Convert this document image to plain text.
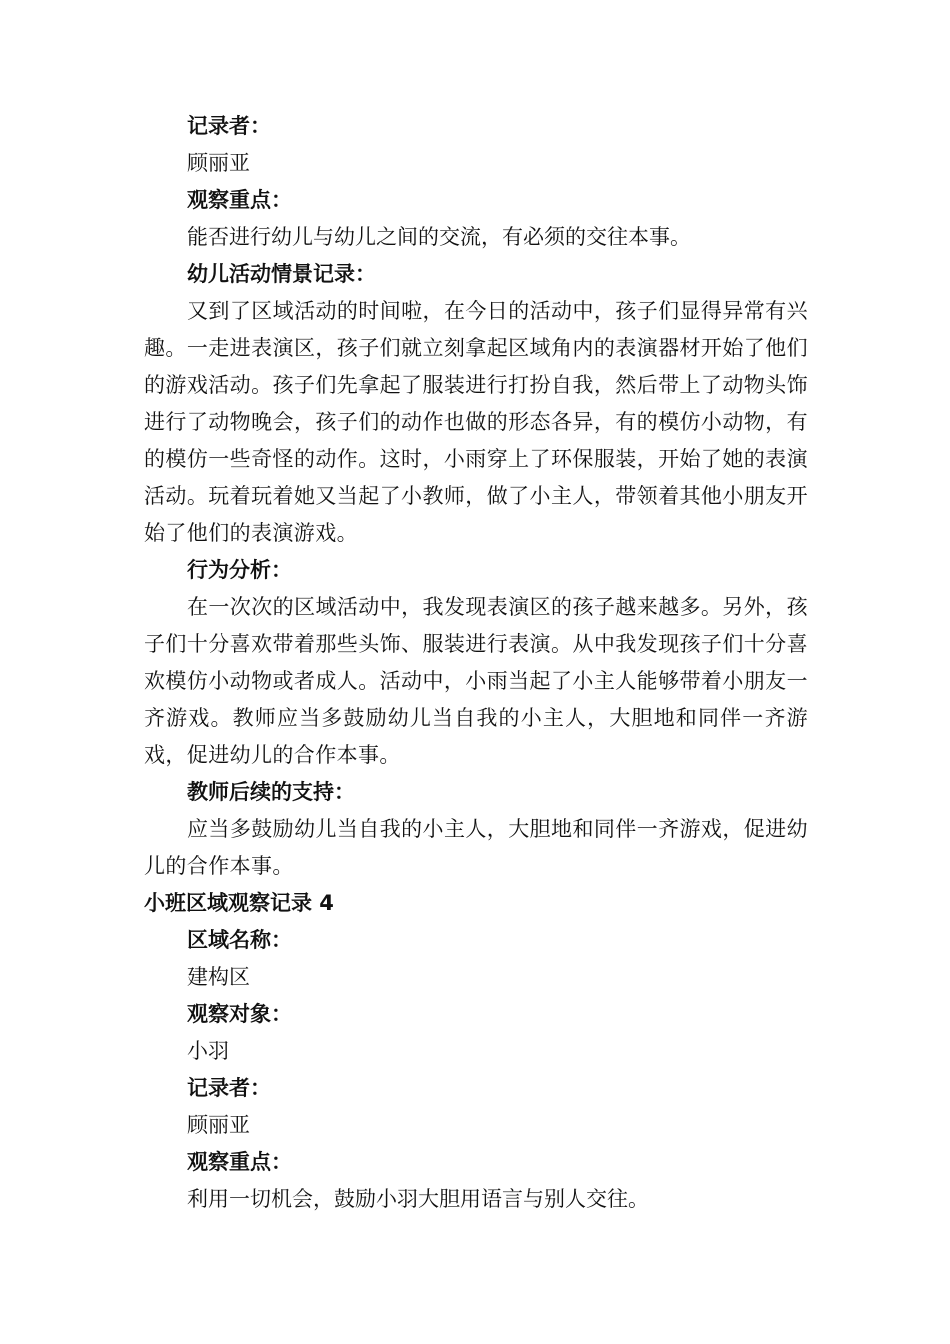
记录者：
顾丽亚
观察重点：
能否进行幼儿与幼儿之间的交流，有必须的交往本事。
幼儿活动情景记录：
又到了区域活动的时间啦，在今日的活动中，孩子们显得异常有兴趣。一走进表演区，孩子们就立刻拿起区域角内的表演器材开始了他们的游戏活动。孩子们先拿起了服装进行打扮自我，然后带上了动物头饰进行了动物晚会，孩子们的动作也做的形态各异，有的模仿小动物，有的模仿一些奇怪的动作。这时，小雨穿上了环保服装，开始了她的表演活动。玩着玩着她又当起了小教师，做了小主人，带领着其他小朋友开始了他们的表演游戏。
行为分析：
在一次次的区域活动中，我发现表演区的孩子越来越多。另外，孩子们十分喜欢带着那些头饰、服装进行表演。从中我发现孩子们十分喜欢模仿小动物或者成人。活动中，小雨当起了小主人能够带着小朋友一齐游戏。教师应当多鼓励幼儿当自我的小主人，大胆地和同伴一齐游戏，促进幼儿的合作本事。
教师后续的支持：
应当多鼓励幼儿当自我的小主人，大胆地和同伴一齐游戏，促进幼儿的合作本事。
小班区域观察记录 4
区域名称：
建构区
观察对象：
小羽
记录者：
顾丽亚
观察重点：
利用一切机会，鼓励小羽大胆用语言与别人交往。
